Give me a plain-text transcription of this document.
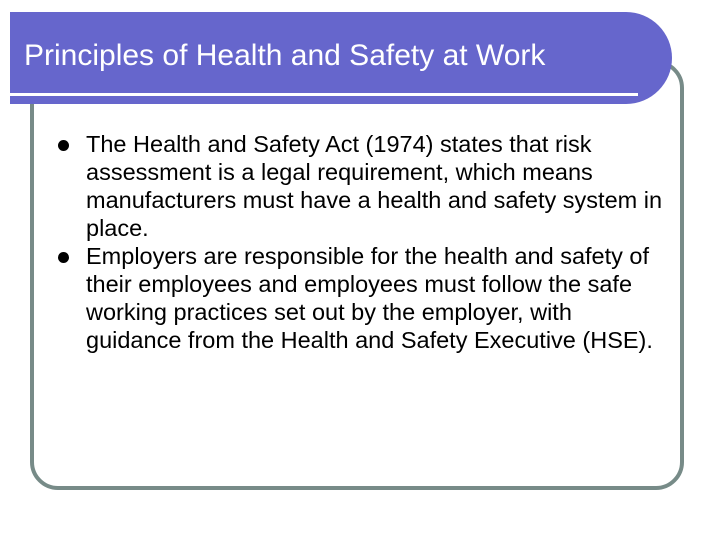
Principles of Health and Safety at Work
The Health and Safety Act (1974) states that risk assessment is a legal requirement, which means manufacturers must have a health and safety system in place.
Employers are responsible for the health and safety of their employees and employees must follow the safe working practices set out by the employer, with guidance from the Health and Safety Executive (HSE).
